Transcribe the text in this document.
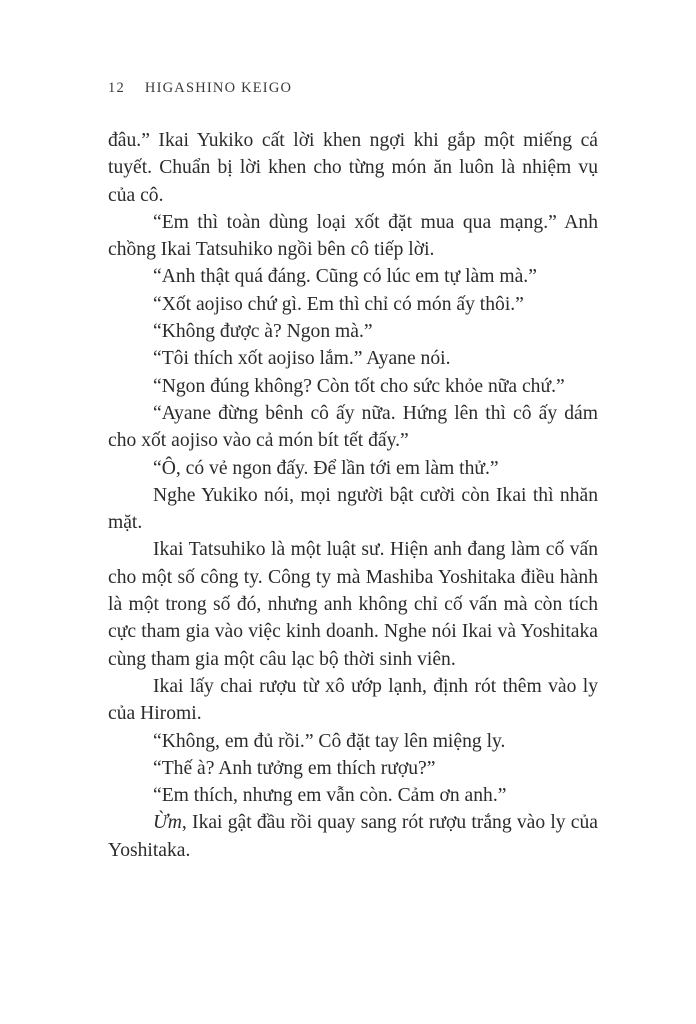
12 HIGASHINO KEIGO

đâu.” Ikai Yukiko cất lời khen ngợi khi gắp một miếng cá tuyết. Chuẩn bị lời khen cho từng món ăn luôn là nhiệm vụ của cô.

“Em thì toàn dùng loại xốt đặt mua qua mạng.” Anh chồng Ikai Tatsuhiko ngồi bên cô tiếp lời.

“Anh thật quá đáng. Cũng có lúc em tự làm mà.”

“Xốt aojiso chứ gì. Em thì chỉ có món ấy thôi.”

“Không được à? Ngon mà.”

“Tôi thích xốt aojiso lắm.” Ayane nói.

“Ngon đúng không? Còn tốt cho sức khỏe nữa chứ.”

“Ayane đừng bênh cô ấy nữa. Hứng lên thì cô ấy dám cho xốt aojiso vào cả món bít tết đấy.”

“Ô, có vẻ ngon đấy. Để lần tới em làm thử.”

Nghe Yukiko nói, mọi người bật cười còn Ikai thì nhăn mặt.

Ikai Tatsuhiko là một luật sư. Hiện anh đang làm cố vấn cho một số công ty. Công ty mà Mashiba Yoshitaka điều hành là một trong số đó, nhưng anh không chỉ cố vấn mà còn tích cực tham gia vào việc kinh doanh. Nghe nói Ikai và Yoshitaka cùng tham gia một câu lạc bộ thời sinh viên.

Ikai lấy chai rượu từ xô ướp lạnh, định rót thêm vào ly của Hiromi.

“Không, em đủ rồi.” Cô đặt tay lên miệng ly.

“Thế à? Anh tưởng em thích rượu?”

“Em thích, nhưng em vẫn còn. Cảm ơn anh.”

Ừm, Ikai gật đầu rồi quay sang rót rượu trắng vào ly của Yoshitaka.
